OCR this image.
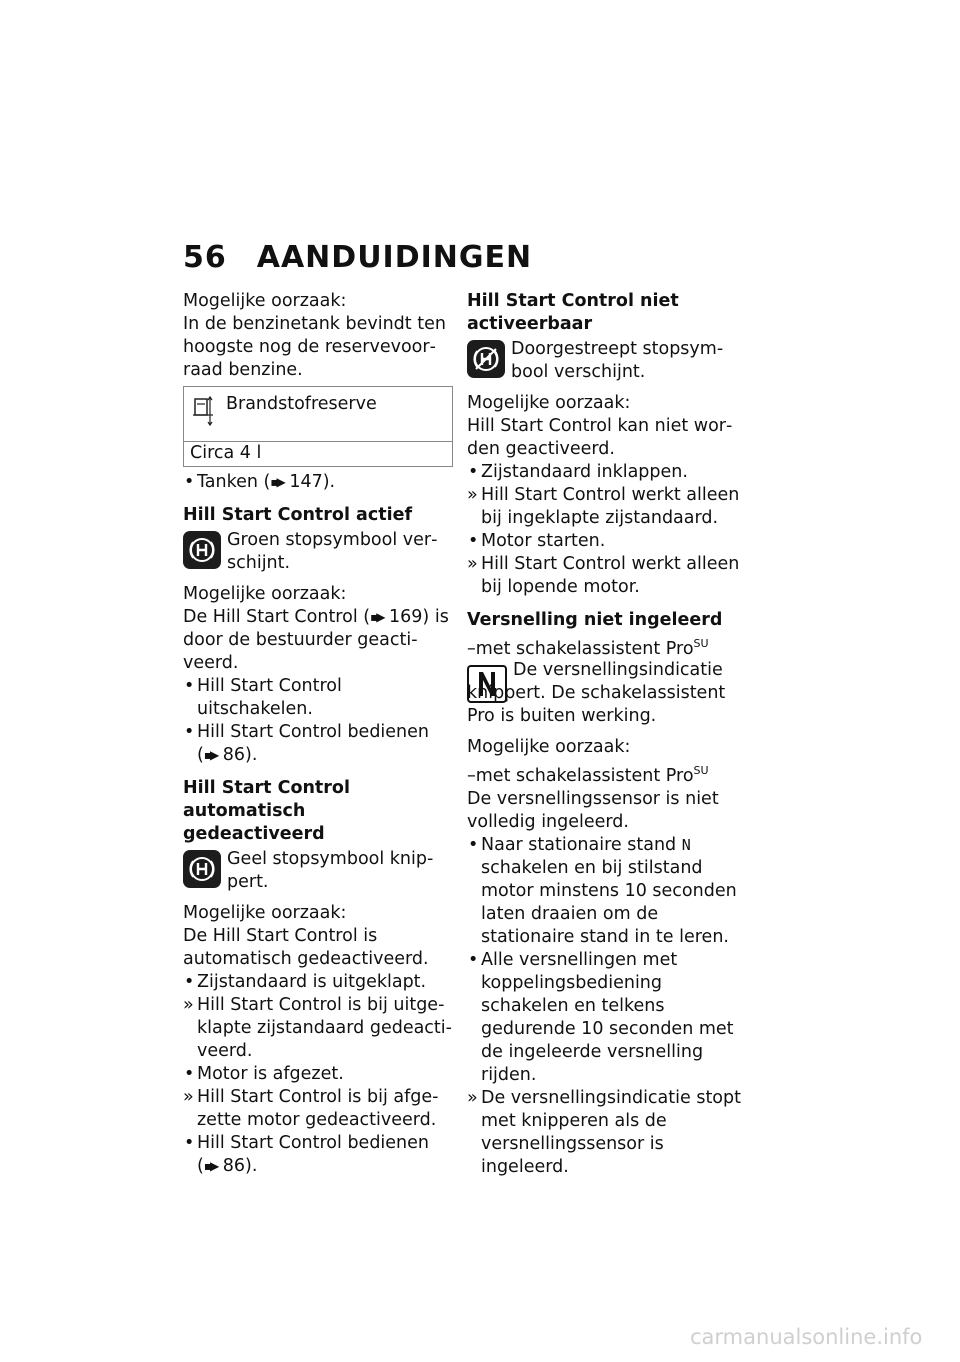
56 AANDUIDINGEN

Mogelijke oorzaak:

In de benzinetank bevindt ten hoogste nog de reservevoorraad benzine.

Brandstofreserve
Circa 4 l

• Tanken (▪▶ 147).

Hill Start Control actief

Groen stopsymbool verschijnt.

Mogelijke oorzaak:

De Hill Start Control (▪▶ 169) is door de bestuurder geactiveerd.

• Hill Start Control uitschakelen.

• Hill Start Control bedienen (▪▶ 86).

Hill Start Control automatisch gedeactiveerd

Geel stopsymbool knippert.

Mogelijke oorzaak:

De Hill Start Control is automatisch gedeactiveerd.

• Zijstandaard is uitgeklapt.

» Hill Start Control is bij uitgeklapte zijstandaard gedeactiveerd.

• Motor is afgezet.

» Hill Start Control is bij afgezette motor gedeactiveerd.

• Hill Start Control bedienen (▪▶ 86).

Hill Start Control niet activeerbaar

Doorgestreept stopsymbool verschijnt.

Mogelijke oorzaak:

Hill Start Control kan niet worden geactiveerd.

• Zijstandaard inklappen.

» Hill Start Control werkt alleen bij ingeklapte zijstandaard.

• Motor starten.

» Hill Start Control werkt alleen bij lopende motor.

Versnelling niet ingeleerd

–met schakelassistent Pro$^{SU}$

De versnellingsindicatie knippert. De schakelassistent Pro is buiten werking.

Mogelijke oorzaak:

–met schakelassistent Pro$^{SU}$

De versnellingssensor is niet volledig ingeleerd.

• Naar stationaire stand N schakelen en bij stilstand motor minstens 10 seconden laten draaien om de stationaire stand in te leren.

• Alle versnellingen met koppelingsbediening schakelen en telkens gedurende 10 seconden met de ingeleerde versnelling rijden.

» De versnellingsindicatie stopt met knipperen als de versnellingssensor is ingeleerd.

carmanualsonline.info
